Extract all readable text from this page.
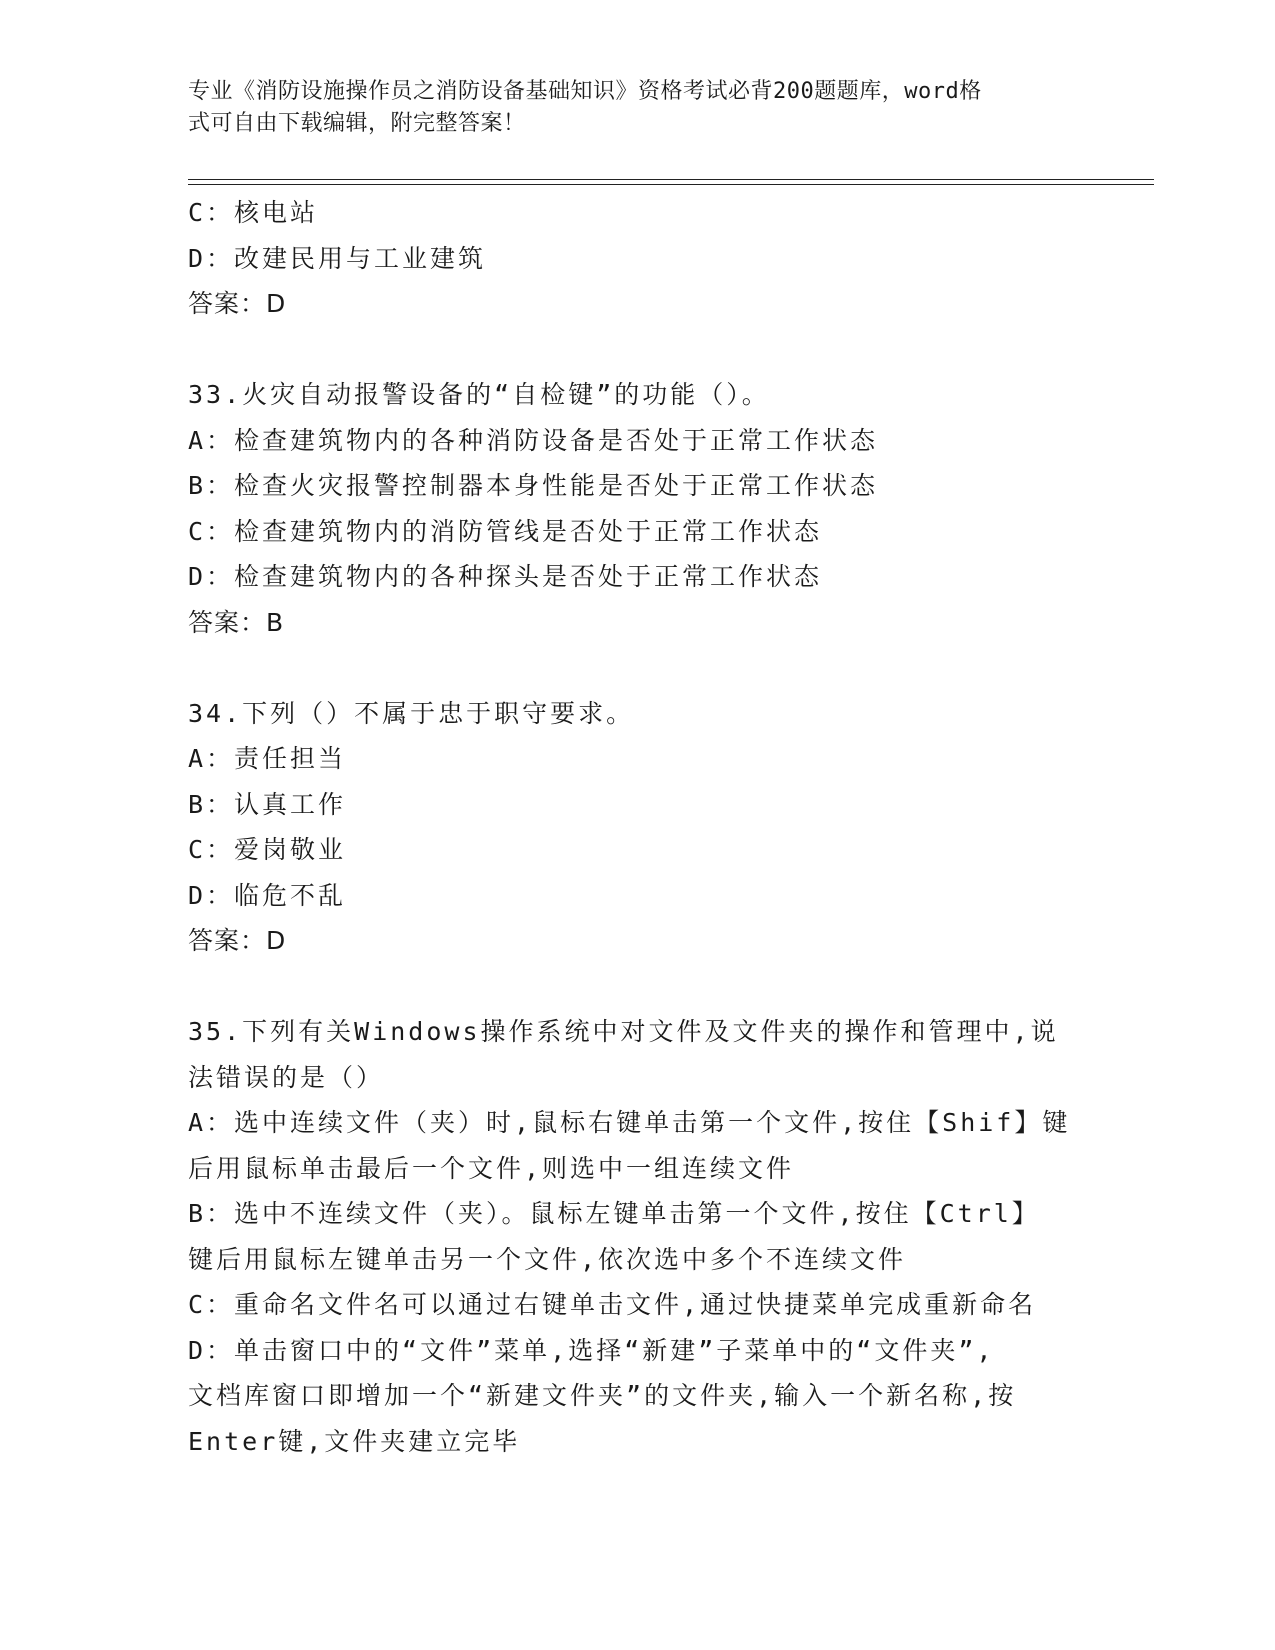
专业《消防设施操作员之消防设备基础知识》资格考试必背200题题库，word格
式可自由下载编辑，附完整答案！
C：核电站
D：改建民用与工业建筑
答案：D
33.火灾自动报警设备的“自检键”的功能（）。
A：检查建筑物内的各种消防设备是否处于正常工作状态
B：检查火灾报警控制器本身性能是否处于正常工作状态
C：检查建筑物内的消防管线是否处于正常工作状态
D：检查建筑物内的各种探头是否处于正常工作状态
答案：B
34.下列（）不属于忠于职守要求。
A：责任担当
B：认真工作
C：爱岗敬业
D：临危不乱
答案：D
35.下列有关Windows操作系统中对文件及文件夹的操作和管理中,说
法错误的是（）
A：选中连续文件（夹）时,鼠标右键单击第一个文件,按住【Shif】键
后用鼠标单击最后一个文件,则选中一组连续文件
B：选中不连续文件（夹）。鼠标左键单击第一个文件,按住【Ctrl】
键后用鼠标左键单击另一个文件,依次选中多个不连续文件
C：重命名文件名可以通过右键单击文件,通过快捷菜单完成重新命名
D：单击窗口中的“文件”菜单,选择“新建”子菜单中的“文件夹”,
文档库窗口即增加一个“新建文件夹”的文件夹,输入一个新名称,按
Enter键,文件夹建立完毕
